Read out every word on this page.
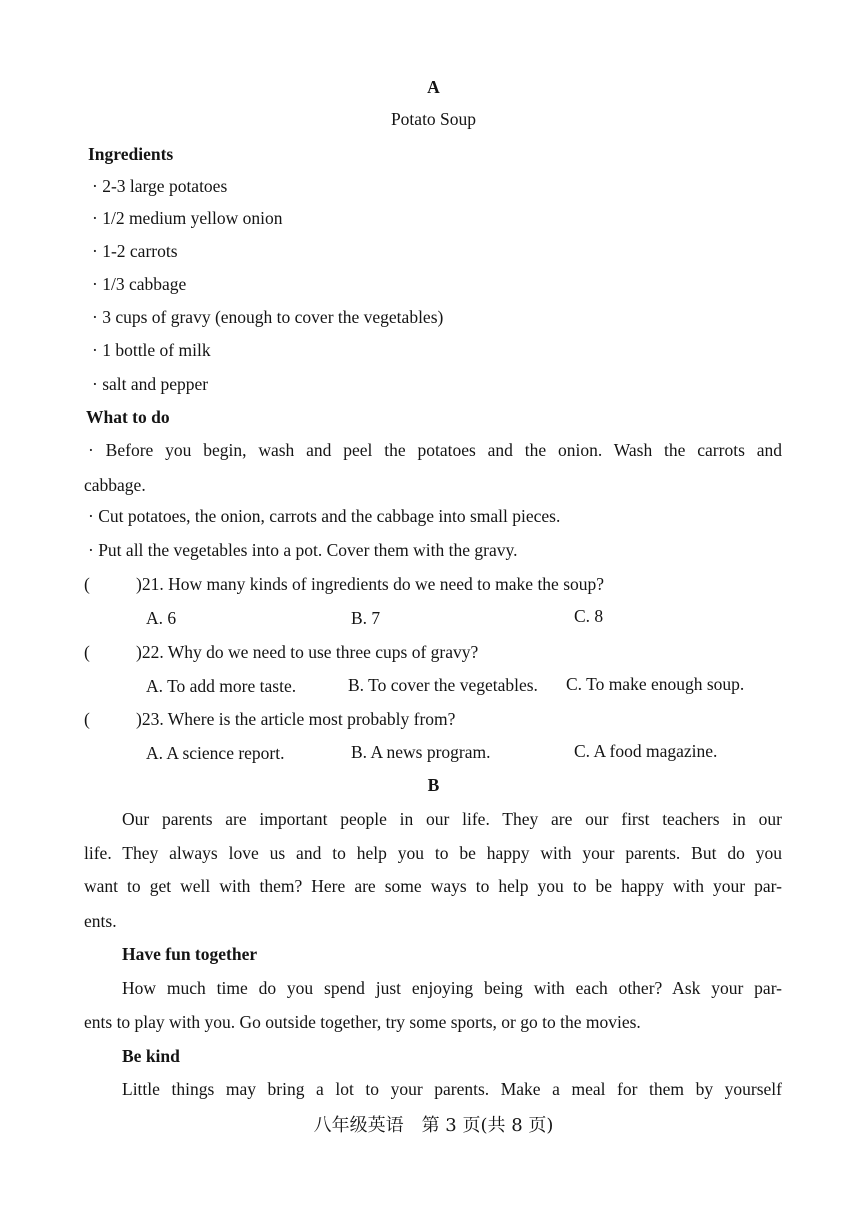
A
Potato Soup
Ingredients
· 2-3 large potatoes
· 1/2 medium yellow onion
· 1-2 carrots
· 1/3 cabbage
· 3 cups of gravy (enough to cover the vegetables)
· 1 bottle of milk
· salt and pepper
What to do
· Before you begin, wash and peel the potatoes and the onion. Wash the carrots and
cabbage.
· Cut potatoes, the onion, carrots and the cabbage into small pieces.
· Put all the vegetables into a pot. Cover them with the gravy.
(	)21. How many kinds of ingredients do we need to make the soup?
A. 6	B. 7	C. 8
(	)22. Why do we need to use three cups of gravy?
A. To add more taste.	B. To cover the vegetables. C. To make enough soup.
(	)23. Where is the article most probably from?
A. A science report.	B. A news program.	C. A food magazine.
B
Our parents are important people in our life. They are our first teachers in our
life. They always love us and to help you to be happy with your parents. But do you
want to get well with them? Here are some ways to help you to be happy with your par-
ents.
Have fun together
How much time do you spend just enjoying being with each other? Ask your par-
ents to play with you. Go outside together, try some sports, or go to the movies.
Be kind
Little things may bring a lot to your parents. Make a meal for them by yourself
八年级英语　第 3 页(共 8 页)
